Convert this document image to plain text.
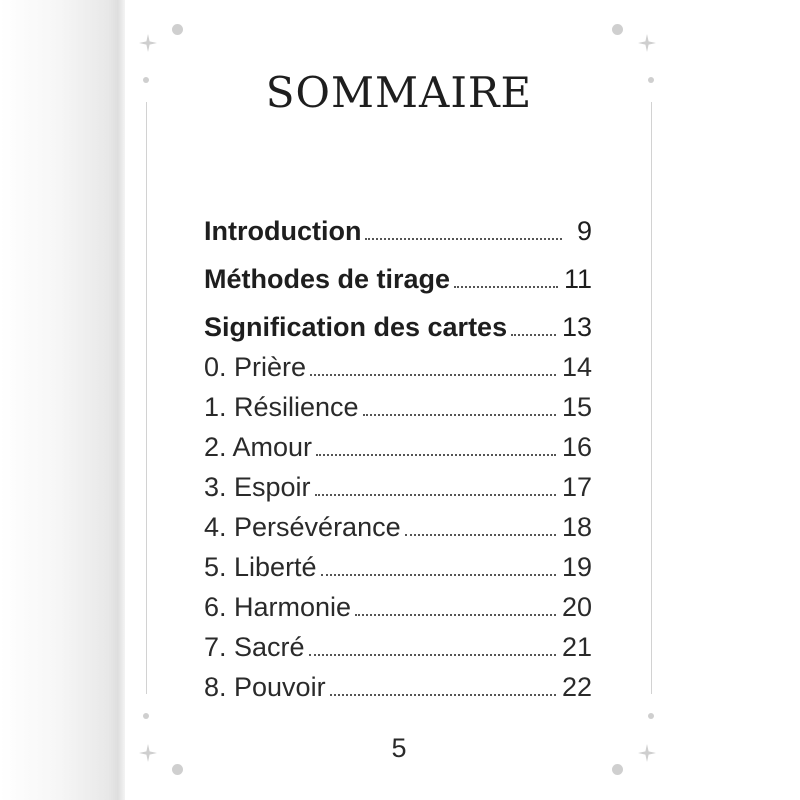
SOMMAIRE
Introduction	9
Méthodes de tirage	11
Signification des cartes 13
0. Prière	14
1. Résilience	15
2. Amour	16
3. Espoir	17
4. Persévérance	18
5. Liberté	19
6. Harmonie	20
7. Sacré	21
8. Pouvoir	22
5
